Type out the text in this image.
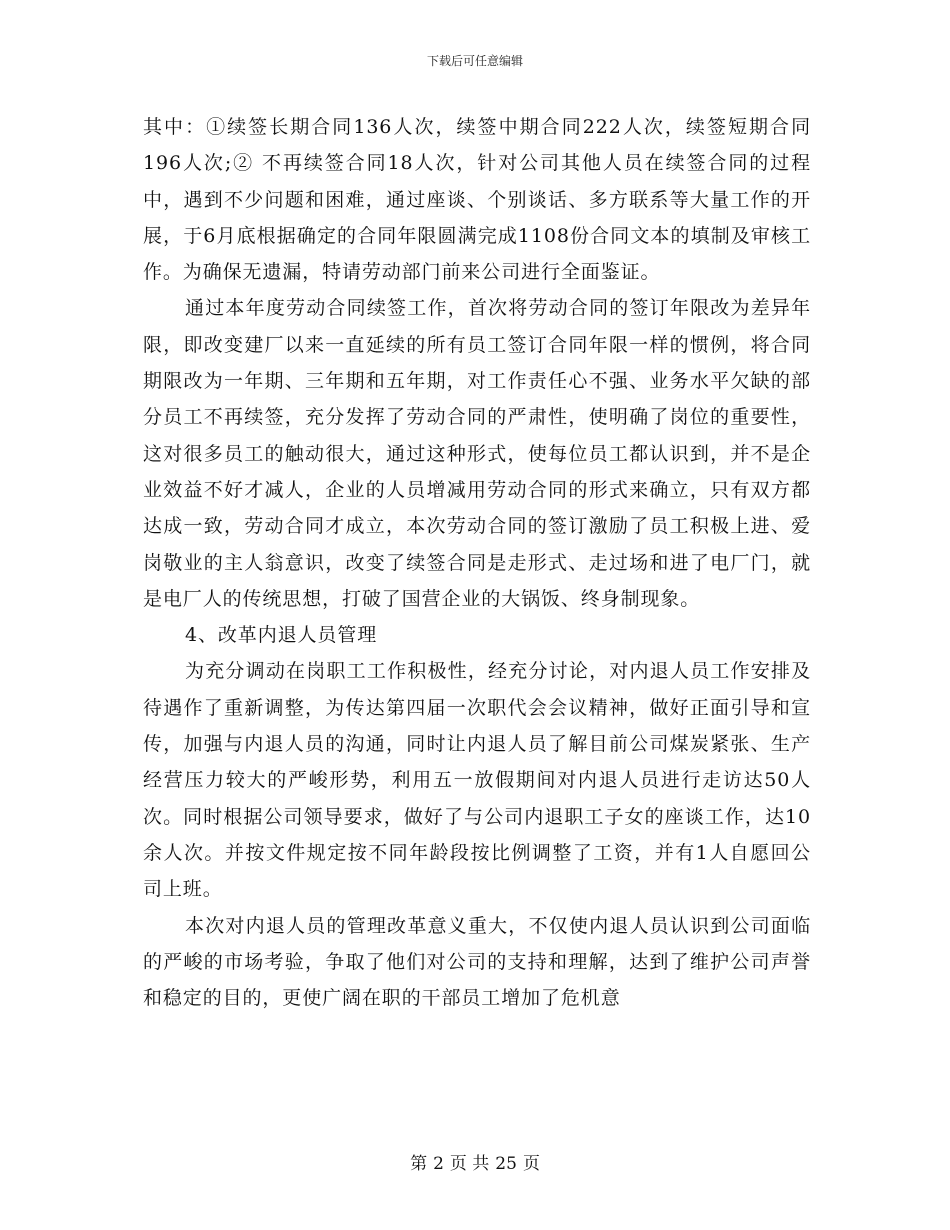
下载后可任意编辑

其中：①续签长期合同136人次，续签中期合同222人次，续签短期合同196人次;② 不再续签合同18人次，针对公司其他人员在续签合同的过程中，遇到不少问题和困难，通过座谈、个别谈话、多方联系等大量工作的开展，于6月底根据确定的合同年限圆满完成1108份合同文本的填制及审核工作。为确保无遗漏，特请劳动部门前来公司进行全面鉴证。

通过本年度劳动合同续签工作，首次将劳动合同的签订年限改为差异年限，即改变建厂以来一直延续的所有员工签订合同年限一样的惯例，将合同期限改为一年期、三年期和五年期，对工作责任心不强、业务水平欠缺的部分员工不再续签，充分发挥了劳动合同的严肃性，使明确了岗位的重要性，这对很多员工的触动很大，通过这种形式，使每位员工都认识到，并不是企业效益不好才减人，企业的人员增减用劳动合同的形式来确立，只有双方都达成一致，劳动合同才成立，本次劳动合同的签订激励了员工积极上进、爱岗敬业的主人翁意识，改变了续签合同是走形式、走过场和进了电厂门，就是电厂人的传统思想，打破了国营企业的大锅饭、终身制现象。

4、改革内退人员管理

为充分调动在岗职工工作积极性，经充分讨论，对内退人员工作安排及待遇作了重新调整，为传达第四届一次职代会会议精神，做好正面引导和宣传，加强与内退人员的沟通，同时让内退人员了解目前公司煤炭紧张、生产经营压力较大的严峻形势，利用五一放假期间对内退人员进行走访达50人次。同时根据公司领导要求，做好了与公司内退职工子女的座谈工作，达10余人次。并按文件规定按不同年龄段按比例调整了工资，并有1人自愿回公司上班。

本次对内退人员的管理改革意义重大，不仅使内退人员认识到公司面临的严峻的市场考验，争取了他们对公司的支持和理解，达到了维护公司声誉和稳定的目的，更使广阔在职的干部员工增加了危机意

第 2 页 共 25 页
